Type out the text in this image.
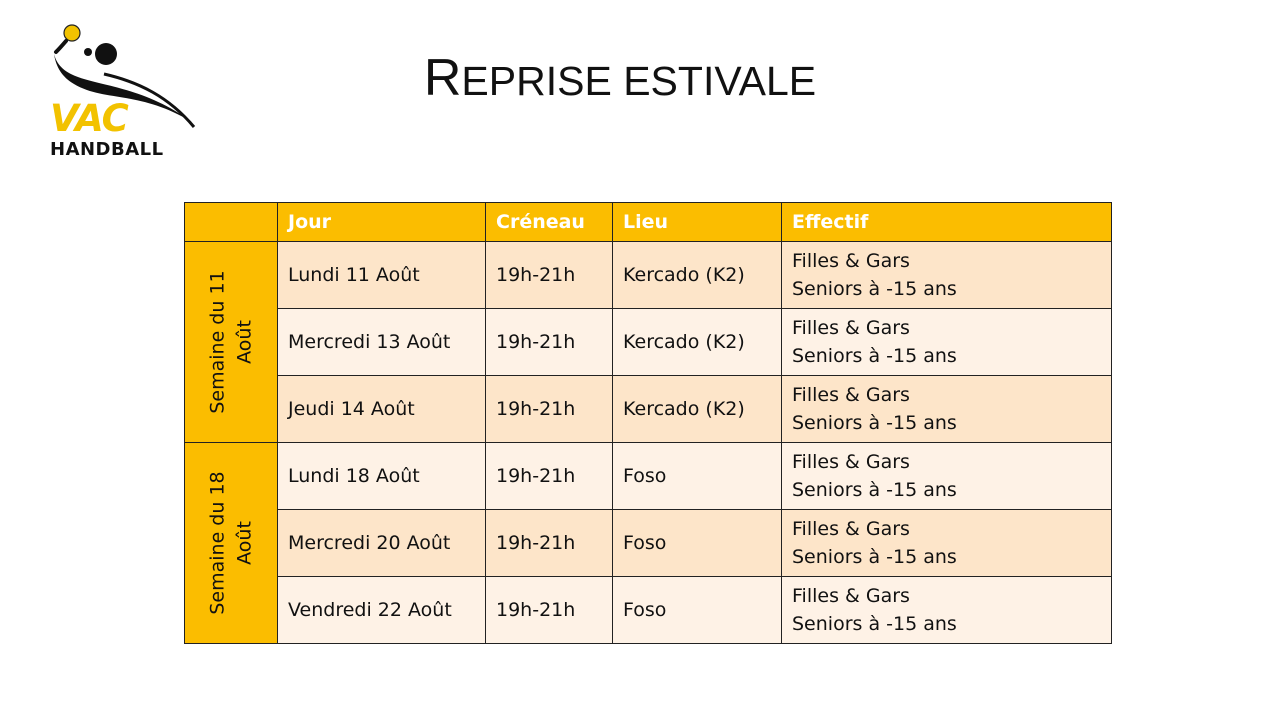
VAC
HANDBALL
REPRISE ESTIVALE
	Jour	Créneau	Lieu	Effectif

Semaine du 11 Août	Lundi 11 Août	19h-21h	Kercado (K2)	Filles & Gars
Seniors à -15 ans

	Mercredi 13 Août	19h-21h	Kercado (K2)	Filles & Gars
Seniors à -15 ans

	Jeudi 14 Août	19h-21h	Kercado (K2)	Filles & Gars
Seniors à -15 ans

Semaine du 18 Août	Lundi 18 Août	19h-21h	Foso	Filles & Gars
Seniors à -15 ans

	Mercredi 20 Août	19h-21h	Foso	Filles & Gars
Seniors à -15 ans

	Vendredi 22 Août	19h-21h	Foso	Filles & Gars
Seniors à -15 ans
